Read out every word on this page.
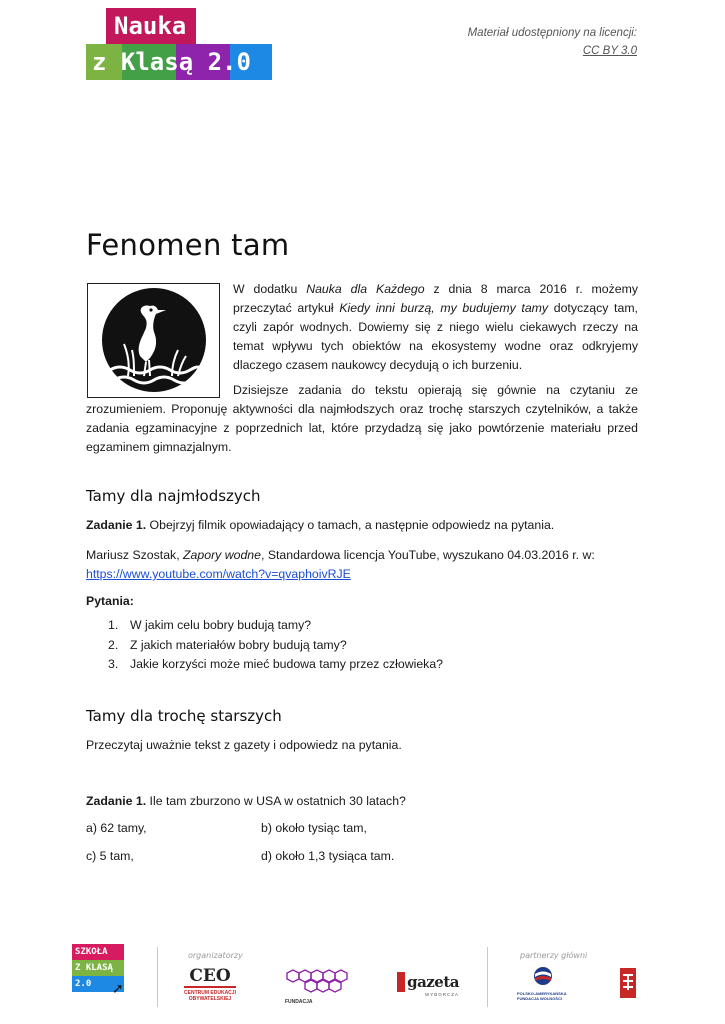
Nauka
z Klasą 2.0
Materiał udostępniony na licencji:
CC BY 3.0
Fenomen tam

W dodatku Nauka dla Każdego z dnia 8 marca 2016 r. możemy przeczytać artykuł Kiedy inni burzą, my budujemy tamy dotyczący tam, czyli zapór wodnych. Dowiemy się z niego wielu ciekawych rzeczy na temat wpływu tych obiektów na ekosystemy wodne oraz odkryjemy dlaczego czasem naukowcy decydują o ich burzeniu.

Dzisiejsze zadania do tekstu opierają się gównie na czytaniu ze zrozumieniem. Proponuję aktywności dla najmłodszych oraz trochę starszych czytelników, a także zadania egzaminacyjne z poprzednich lat, które przydadzą się jako powtórzenie materiału przed egzaminem gimnazjalnym.

Tamy dla najmłodszych

Zadanie 1. Obejrzyj filmik opowiadający o tamach, a następnie odpowiedz na pytania.

Mariusz Szostak, Zapory wodne, Standardowa licencja YouTube, wyszukano 04.03.2016 r. w:
https://www.youtube.com/watch?v=qvaphoivRJE

Pytania:

1. W jakim celu bobry budują tamy?
2. Z jakich materiałów bobry budują tamy?
3. Jakie korzyści może mieć budowa tamy przez człowieka?
Tamy dla trochę starszych

Przeczytaj uważnie tekst z gazety i odpowiedz na pytania.

Zadanie 1. Ile tam zburzono w USA w ostatnich 30 latach?

a) 62 tamy,	b) około tysiąc tam,
c) 5 tam,	d) około 1,3 tysiąca tam.
SZKOŁA
Z KLASĄ
2.0	➚
organizatorzy
CEO
CENTRUM EDUKACJI OBYWATELSKIEJ	FUNDACJA
gazeta
WYBORCZA
partnerzy główni
POLSKO-AMERYKAŃSKA FUNDACJA WOLNOŚCI
